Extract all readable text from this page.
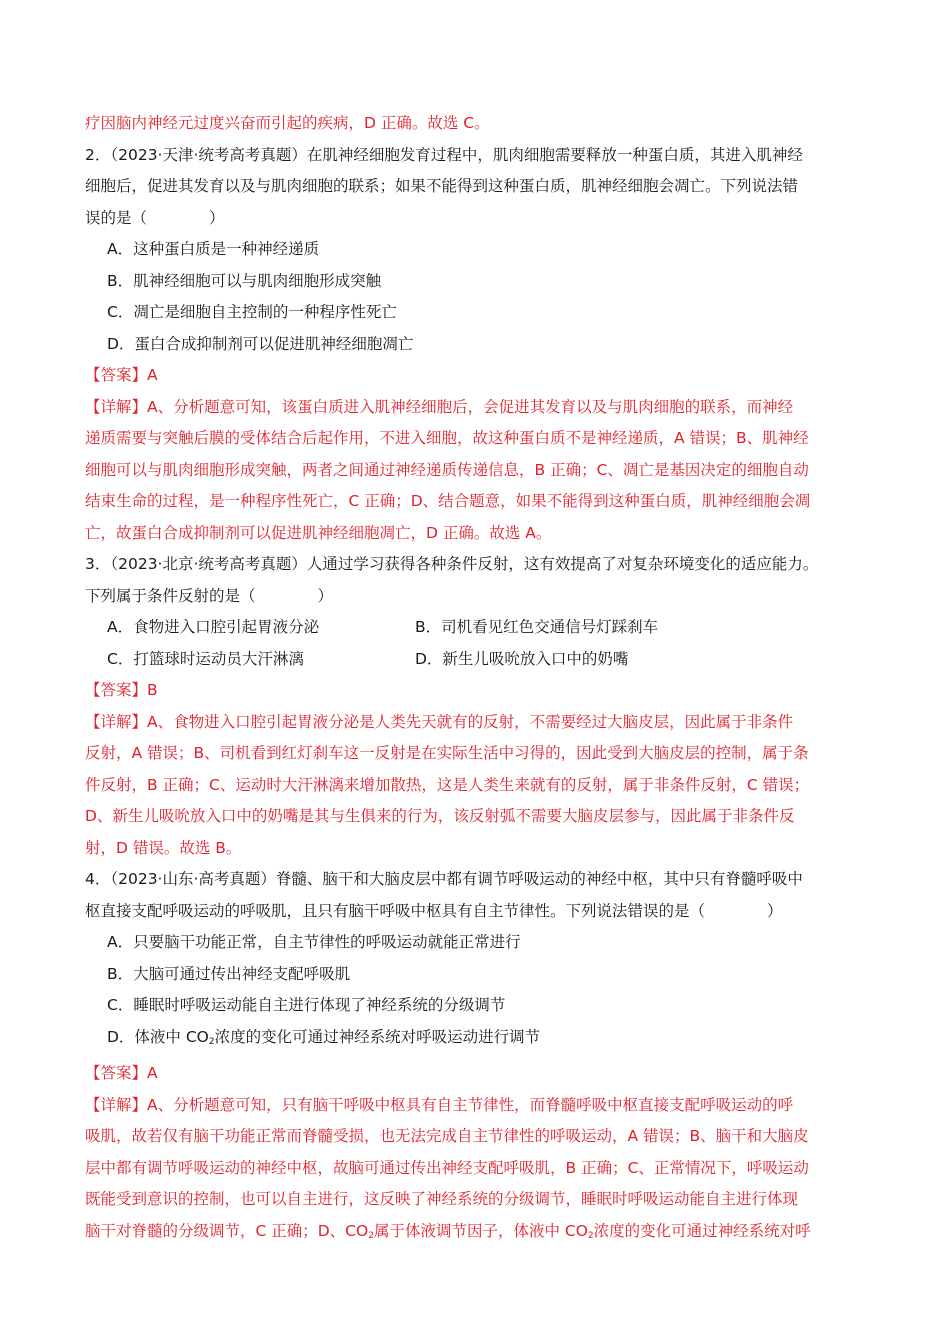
疗因脑内神经元过度兴奋而引起的疾病，D 正确。故选 C。
2．（2023·天津·统考高考真题）在肌神经细胞发育过程中，肌肉细胞需要释放一种蛋白质，其进入肌神经
细胞后，促进其发育以及与肌肉细胞的联系；如果不能得到这种蛋白质，肌神经细胞会凋亡。下列说法错
误的是（　　　　）
A．这种蛋白质是一种神经递质
B．肌神经细胞可以与肌肉细胞形成突触
C．凋亡是细胞自主控制的一种程序性死亡
D．蛋白合成抑制剂可以促进肌神经细胞凋亡
【答案】A
【详解】A、分析题意可知，该蛋白质进入肌神经细胞后，会促进其发育以及与肌肉细胞的联系，而神经
递质需要与突触后膜的受体结合后起作用，不进入细胞，故这种蛋白质不是神经递质，A 错误；B、肌神经
细胞可以与肌肉细胞形成突触，两者之间通过神经递质传递信息，B 正确；C、凋亡是基因决定的细胞自动
结束生命的过程，是一种程序性死亡，C 正确；D、结合题意，如果不能得到这种蛋白质，肌神经细胞会凋
亡，故蛋白合成抑制剂可以促进肌神经细胞凋亡，D 正确。故选 A。
3．（2023·北京·统考高考真题）人通过学习获得各种条件反射，这有效提高了对复杂环境变化的适应能力。
下列属于条件反射的是（　　　　）
A．食物进入口腔引起胃液分泌	B．司机看见红色交通信号灯踩刹车
C．打篮球时运动员大汗淋漓	D．新生儿吸吮放入口中的奶嘴
【答案】B
【详解】A、食物进入口腔引起胃液分泌是人类先天就有的反射，不需要经过大脑皮层，因此属于非条件
反射，A 错误；B、司机看到红灯刹车这一反射是在实际生活中习得的，因此受到大脑皮层的控制，属于条
件反射，B 正确；C、运动时大汗淋漓来增加散热，这是人类生来就有的反射，属于非条件反射，C 错误；
D、新生儿吸吮放入口中的奶嘴是其与生俱来的行为，该反射弧不需要大脑皮层参与，因此属于非条件反
射，D 错误。故选 B。
4．（2023·山东·高考真题）脊髓、脑干和大脑皮层中都有调节呼吸运动的神经中枢，其中只有脊髓呼吸中
枢直接支配呼吸运动的呼吸肌，且只有脑干呼吸中枢具有自主节律性。下列说法错误的是（　　　　）
A．只要脑干功能正常，自主节律性的呼吸运动就能正常进行
B．大脑可通过传出神经支配呼吸肌
C．睡眠时呼吸运动能自主进行体现了神经系统的分级调节
D．体液中 $CO_2$浓度的变化可通过神经系统对呼吸运动进行调节
【答案】A
【详解】A、分析题意可知，只有脑干呼吸中枢具有自主节律性，而脊髓呼吸中枢直接支配呼吸运动的呼
吸肌，故若仅有脑干功能正常而脊髓受损，也无法完成自主节律性的呼吸运动，A 错误；B、脑干和大脑皮
层中都有调节呼吸运动的神经中枢，故脑可通过传出神经支配呼吸肌，B 正确；C、正常情况下，呼吸运动
既能受到意识的控制，也可以自主进行，这反映了神经系统的分级调节，睡眠时呼吸运动能自主进行体现
脑干对脊髓的分级调节，C 正确；D、$CO_2$属于体液调节因子，体液中 $CO_2$浓度的变化可通过神经系统对呼
